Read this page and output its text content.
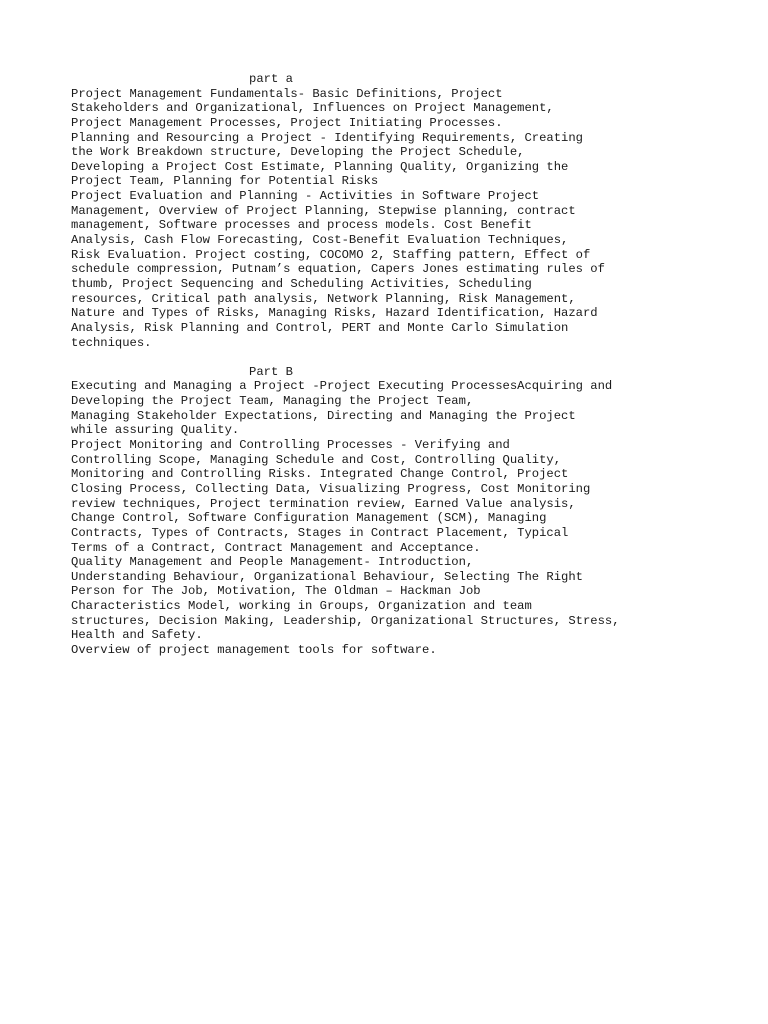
part a
Project Management Fundamentals- Basic Definitions, Project
Stakeholders and Organizational, Influences on Project Management,
Project Management Processes, Project Initiating Processes.
Planning and Resourcing a Project - Identifying Requirements, Creating
the Work Breakdown structure, Developing the Project Schedule,
Developing a Project Cost Estimate, Planning Quality, Organizing the
Project Team, Planning for Potential Risks
Project Evaluation and Planning - Activities in Software Project
Management, Overview of Project Planning, Stepwise planning, contract
management, Software processes and process models. Cost Benefit
Analysis, Cash Flow Forecasting, Cost-Benefit Evaluation Techniques,
Risk Evaluation. Project costing, COCOMO 2, Staffing pattern, Effect of
schedule compression, Putnam’s equation, Capers Jones estimating rules of
thumb, Project Sequencing and Scheduling Activities, Scheduling
resources, Critical path analysis, Network Planning, Risk Management,
Nature and Types of Risks, Managing Risks, Hazard Identification, Hazard
Analysis, Risk Planning and Control, PERT and Monte Carlo Simulation
techniques.
Part B
Executing and Managing a Project -Project Executing ProcessesAcquiring and
Developing the Project Team, Managing the Project Team,
Managing Stakeholder Expectations, Directing and Managing the Project
while assuring Quality.
Project Monitoring and Controlling Processes - Verifying and
Controlling Scope, Managing Schedule and Cost, Controlling Quality,
Monitoring and Controlling Risks. Integrated Change Control, Project
Closing Process, Collecting Data, Visualizing Progress, Cost Monitoring
review techniques, Project termination review, Earned Value analysis,
Change Control, Software Configuration Management (SCM), Managing
Contracts, Types of Contracts, Stages in Contract Placement, Typical
Terms of a Contract, Contract Management and Acceptance.
Quality Management and People Management- Introduction,
Understanding Behaviour, Organizational Behaviour, Selecting The Right
Person for The Job, Motivation, The Oldman – Hackman Job
Characteristics Model, working in Groups, Organization and team
structures, Decision Making, Leadership, Organizational Structures, Stress,
Health and Safety.
Overview of project management tools for software.
